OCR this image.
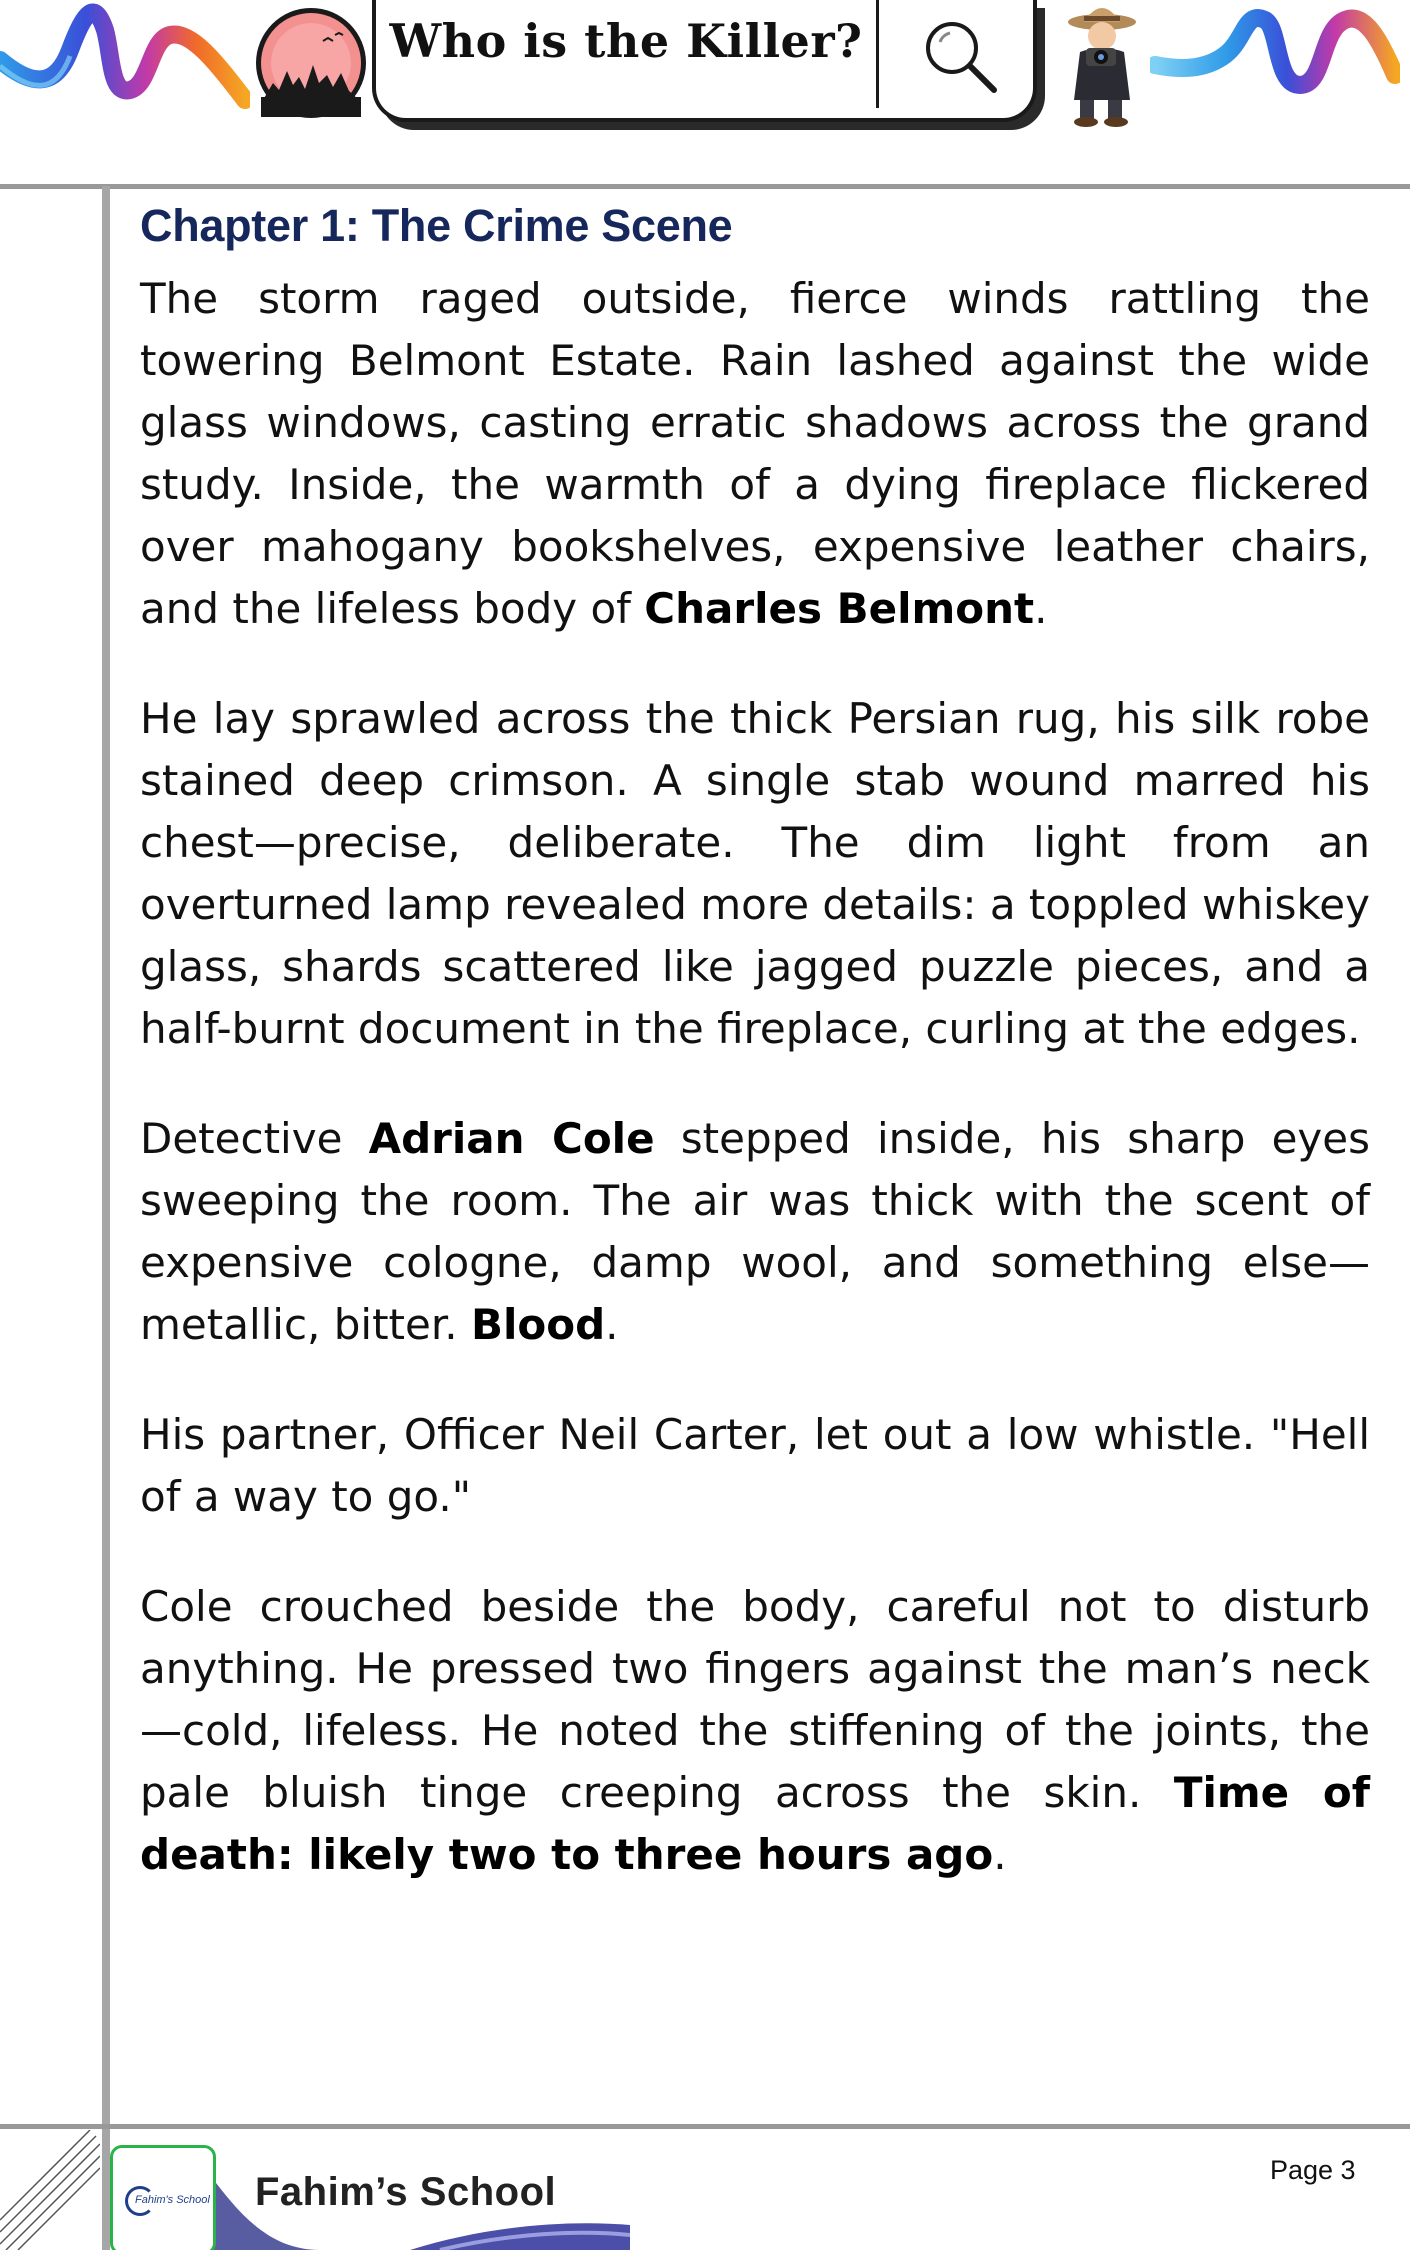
Who is the Killer?
Chapter 1: The Crime Scene

The storm raged outside, fierce winds rattling the towering Belmont Estate. Rain lashed against the wide glass windows, casting erratic shadows across the grand study. Inside, the warmth of a dying fireplace flickered over mahogany bookshelves, expensive leather chairs, and the lifeless body of Charles Belmont.

He lay sprawled across the thick Persian rug, his silk robe stained deep crimson. A single stab wound marred his chest—precise, deliberate. The dim light from an overturned lamp revealed more details: a toppled whiskey glass, shards scattered like jagged puzzle pieces, and a half-burnt document in the fireplace, curling at the edges.

Detective Adrian Cole stepped inside, his sharp eyes sweeping the room. The air was thick with the scent of expensive cologne, damp wool, and something else—metallic, bitter. Blood.

His partner, Officer Neil Carter, let out a low whistle. "Hell of a way to go."

Cole crouched beside the body, careful not to disturb anything. He pressed two fingers against the man’s neck—cold, lifeless. He noted the stiffening of the joints, the pale bluish tinge creeping across the skin. Time of death: likely two to three hours ago.

Fahim's School Fahim’s School	Page 3
